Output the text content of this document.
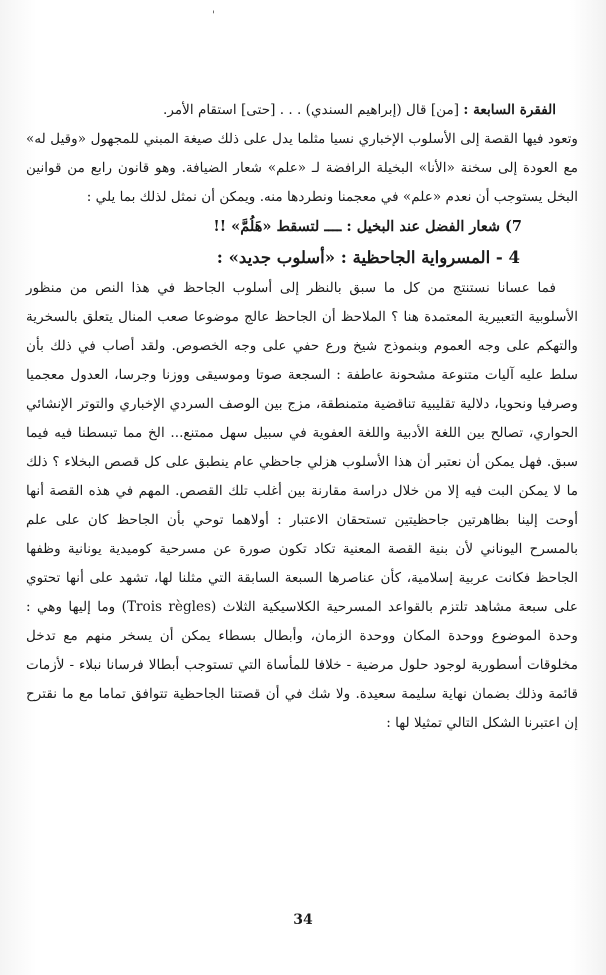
'

الفقرة السابعة : [من] قال (إبراهيم السندي) . . . [حتى] استقام الأمر.

وتعود فيها القصة إلى الأسلوب الإخباري نسيا مثلما يدل على ذلك صيغة المبني للمجهول «وقيل له» مع العودة إلى سخنة «الأنا» البخيلة الرافضة لـ «علم» شعار الضيافة. وهو قانون رابع من قوانين البخل يستوجب أن نعدم «علم» في معجمنا ونطردها منه. ويمكن أن نمثل لذلك بما يلي :

7) شعار الفضل عند البخيل : ــــ لتسقط «هَلُمَّ» !!

4 - المسرواية الجاحظية : «أسلوب جديد» :

فما عسانا نستنتج من كل ما سبق بالنظر إلى أسلوب الجاحظ في هذا النص من منظور الأسلوبية التعبيرية المعتمدة هنا ؟ الملاحظ أن الجاحظ عالج موضوعا صعب المنال يتعلق بالسخرية والتهكم على وجه العموم وبنموذج شيخ ورع حفي على وجه الخصوص. ولقد أصاب في ذلك بأن سلط عليه آليات متنوعة مشحونة عاطفة : السجعة صوتا وموسيقى ووزنا وجرسا، العدول معجميا وصرفيا ونحويا، دلالية تقليبية تناقضية متمنطقة، مزج بين الوصف السردي الإخباري والتوتر الإنشائي الحواري، تصالح بين اللغة الأدبية واللغة العفوية في سبيل سهل ممتنع... الخ مما تبسطنا فيه فيما سبق. فهل يمكن أن نعتبر أن هذا الأسلوب هزلي جاحظي عام ينطبق على كل قصص البخلاء ؟ ذلك ما لا يمكن البت فيه إلا من خلال دراسة مقارنة بين أغلب تلك القصص. المهم في هذه القصة أنها أوحت إلينا بظاهرتين جاحظيتين تستحقان الاعتبار : أولاهما توحي بأن الجاحظ كان على علم بالمسرح اليوناني لأن بنية القصة المعنية تكاد تكون صورة عن مسرحية كوميدية يونانية وظفها الجاحظ فكانت عربية إسلامية، كأن عناصرها السبعة السابقة التي مثلنا لها، تشهد على أنها تحتوي على سبعة مشاهد تلتزم بالقواعد المسرحية الكلاسيكية الثلاث (Trois règles) وما إليها وهي : وحدة الموضوع ووحدة المكان ووحدة الزمان، وأبطال بسطاء يمكن أن يسخر منهم مع تدخل مخلوقات أسطورية لوجود حلول مرضية - خلافا للمأساة التي تستوجب أبطالا فرسانا نبلاء - لأزمات قائمة وذلك بضمان نهاية سليمة سعيدة. ولا شك في أن قصتنا الجاحظية تتوافق تماما مع ما نقترح إن اعتبرنا الشكل التالي تمثيلا لها :

34
